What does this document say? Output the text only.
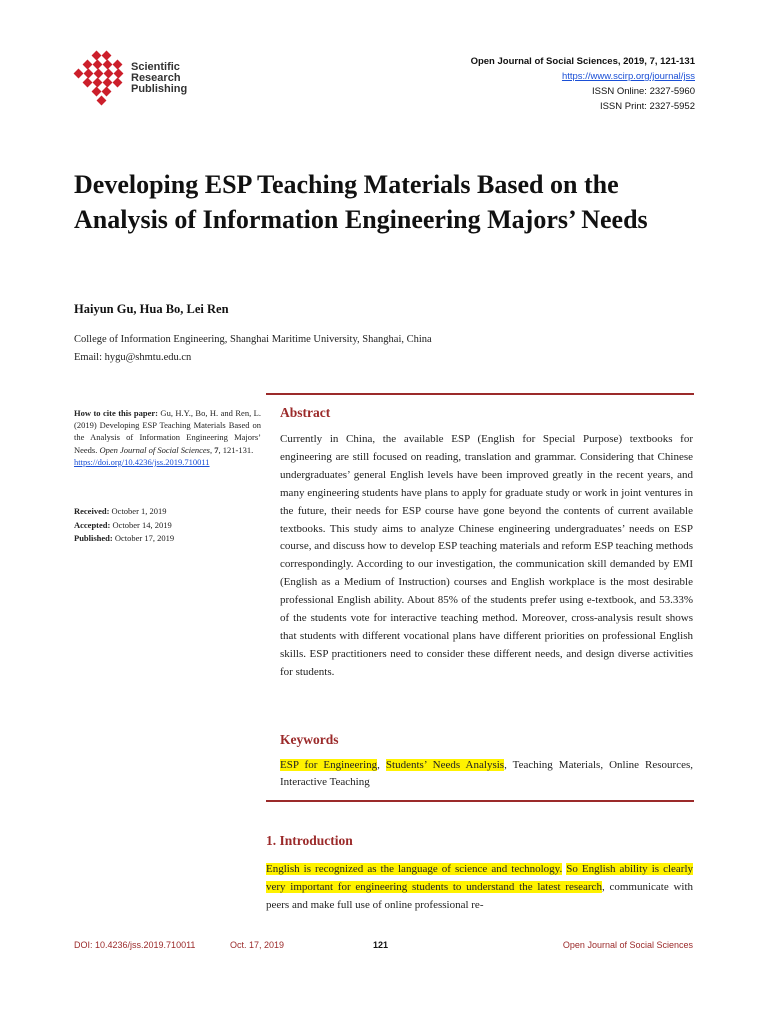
Scientific
Research
Publishing
Open Journal of Social Sciences, 2019, 7, 121-131
https://www.scirp.org/journal/jss
ISSN Online: 2327-5960
ISSN Print: 2327-5952
Developing ESP Teaching Materials Based on the Analysis of Information Engineering Majors’ Needs
Haiyun Gu, Hua Bo, Lei Ren
College of Information Engineering, Shanghai Maritime University, Shanghai, China
Email: hygu@shmtu.edu.cn
How to cite this paper: Gu, H.Y., Bo, H. and Ren, L. (2019) Developing ESP Teaching Materials Based on the Analysis of Information Engineering Majors’ Needs. Open Journal of Social Sciences, 7, 121-131.
https://doi.org/10.4236/jss.2019.710011
Received: October 1, 2019
Accepted: October 14, 2019
Published: October 17, 2019
Abstract
Currently in China, the available ESP (English for Special Purpose) textbooks for engineering are still focused on reading, translation and grammar. Considering that Chinese undergraduates’ general English levels have been improved greatly in the recent years, and many engineering students have plans to apply for graduate study or work in joint ventures in the future, their needs for ESP course have gone beyond the contents of current available textbooks. This study aims to analyze Chinese engineering undergraduates’ needs on ESP course, and discuss how to develop ESP teaching materials and reform ESP teaching methods correspondingly. According to our investigation, the communication skill demanded by EMI (English as a Medium of Instruction) courses and English workplace is the most desirable professional English ability. About 85% of the students prefer using e-textbook, and 53.33% of the students vote for interactive teaching method. Moreover, cross-analysis result shows that students with different vocational plans have different priorities on professional English skills. ESP practitioners need to consider these different needs, and design diverse activities for students.
Keywords
ESP for Engineering, Students’ Needs Analysis, Teaching Materials, Online Resources, Interactive Teaching
1. Introduction
English is recognized as the language of science and technology. So English ability is clearly very important for engineering students to understand the latest research, communicate with peers and make full use of online professional re-
DOI: 10.4236/jss.2019.710011	Oct. 17, 2019	121	Open Journal of Social Sciences
